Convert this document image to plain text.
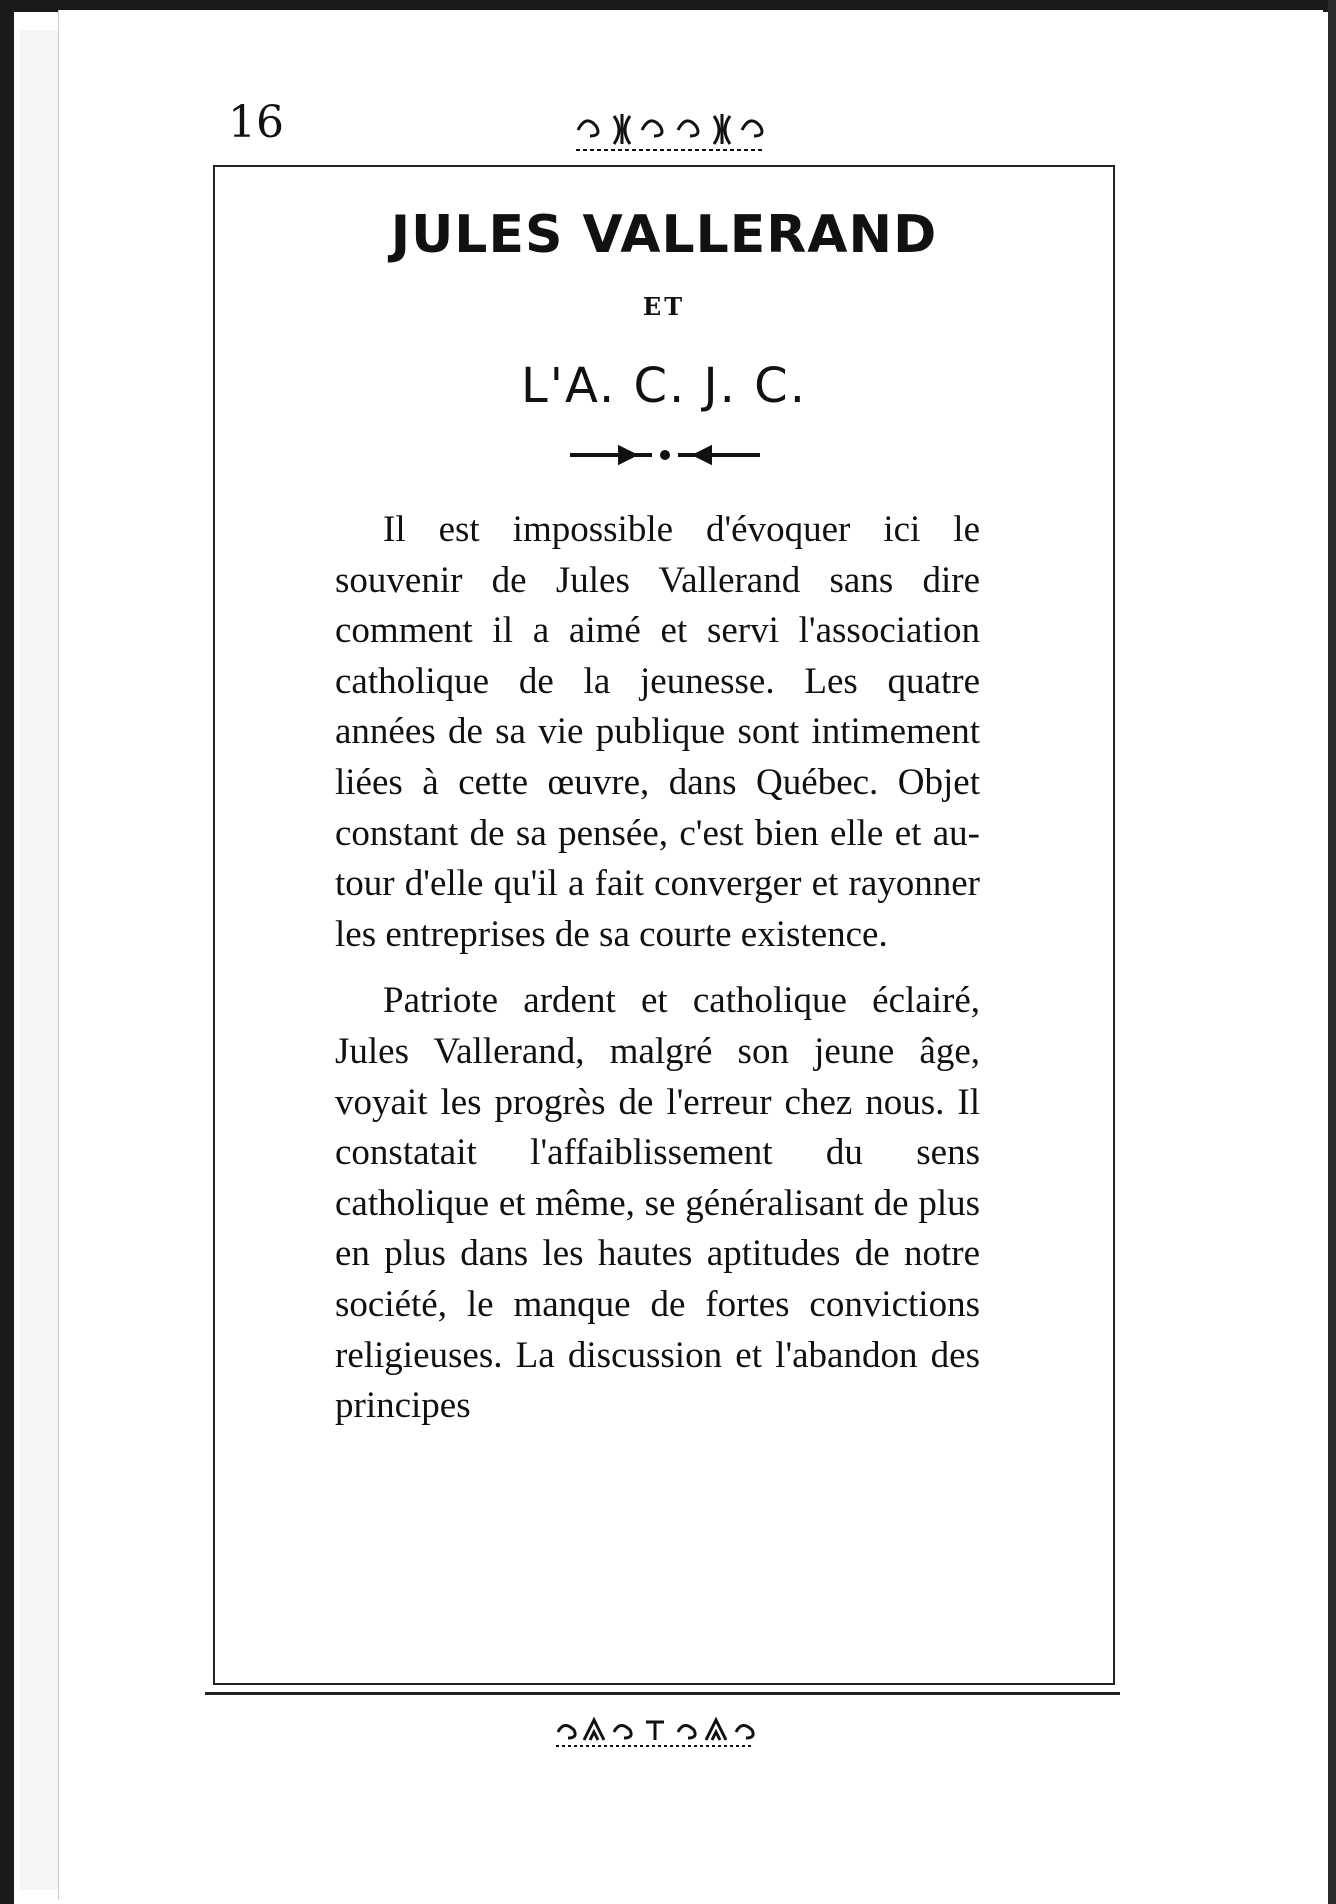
16
JULES VALLERAND
ET
L'A. C. J. C.

Il est impossible d'évoquer ici le souvenir de Jules Vallerand sans dire comment il a aimé et servi l'association catholique de la jeunesse. Les quatre années de sa vie publique sont intimement liées à cette œuvre, dans Québec. Objet constant de sa pensée, c'est bien elle et autour d'elle qu'il a fait converger et rayonner les entreprises de sa courte existence.

Patriote ardent et catholique éclairé, Jules Vallerand, malgré son jeune âge, voyait les progrès de l'erreur chez nous. Il constatait l'affaiblissement du sens catholique et même, se généralisant de plus en plus dans les hautes aptitudes de notre société, le manque de fortes convictions religieuses. La discussion et l'abandon des principes
